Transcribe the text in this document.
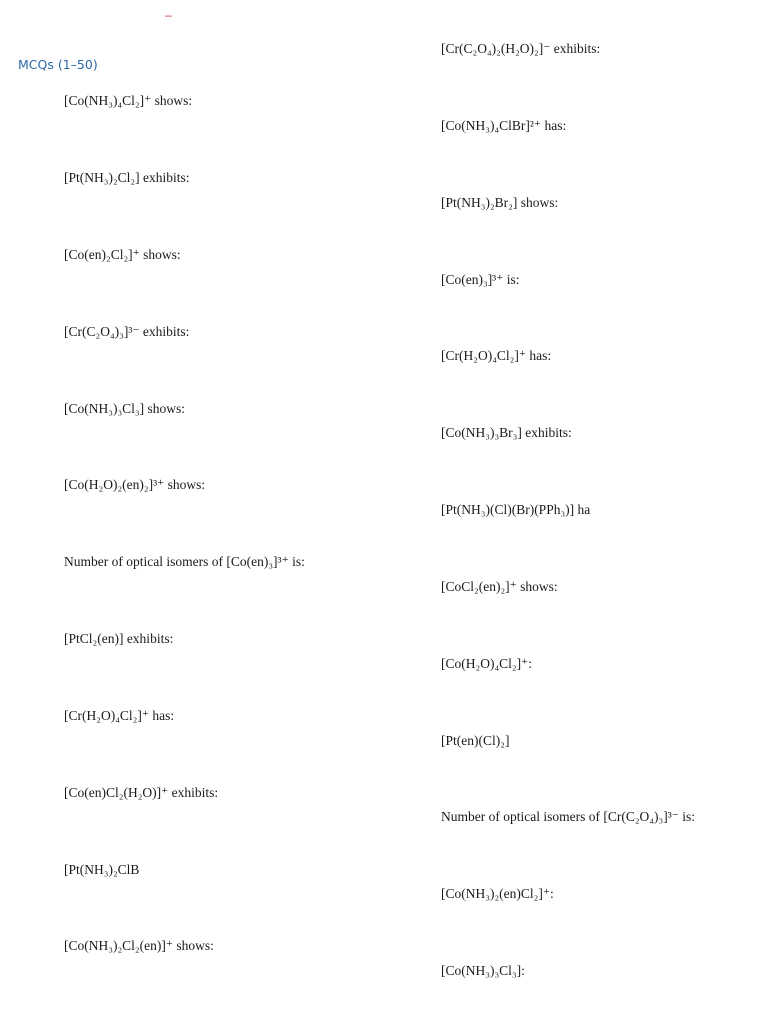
–
MCQs (1–50)
[Co(NH₃)₄Cl₂]⁺ shows:
[Pt(NH₃)₂Cl₂] exhibits:
[Co(en)₂Cl₂]⁺ shows:
[Cr(C₂O₄)₃]³⁻ exhibits:
[Co(NH₃)₃Cl₃] shows:
[Co(H₂O)₂(en)₂]³⁺ shows:
Number of optical isomers of [Co(en)₃]³⁺ is:
[PtCl₂(en)] exhibits:
[Cr(H₂O)₄Cl₂]⁺ has:
[Co(en)Cl₂(H₂O)]⁺ exhibits:
[Pt(NH₃)₂ClB
[Co(NH₃)₂Cl₂(en)]⁺ shows:
[Cr(C₂O₄)₂(H₂O)₂]⁻ exhibits:
[Co(NH₃)₄ClBr]²⁺ has:
[Pt(NH₃)₂Br₂] shows:
[Co(en)₃]³⁺ is:
[Cr(H₂O)₄Cl₂]⁺ has:
[Co(NH₃)₃Br₃] exhibits:
[Pt(NH₃)(Cl)(Br)(PPh₃)] ha
[CoCl₂(en)₂]⁺ shows:
[Co(H₂O)₄Cl₂]⁺:
[Pt(en)(Cl)₂]
Number of optical isomers of [Cr(C₂O₄)₃]³⁻ is:
[Co(NH₃)₂(en)Cl₂]⁺:
[Co(NH₃)₃Cl₃]:
